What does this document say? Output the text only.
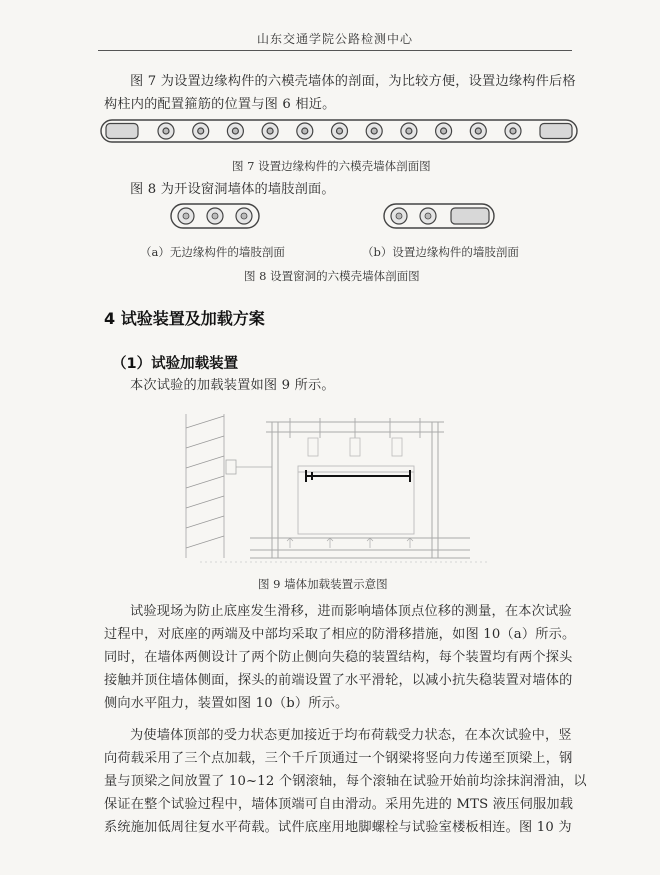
山东交通学院公路检测中心
图 7 为设置边缘构件的六模壳墙体的剖面，为比较方便，设置边缘构件后格
构柱内的配置箍筋的位置与图 6 相近。
图 7 设置边缘构件的六模壳墙体剖面图
图 8 为开设窗洞墙体的墙肢剖面。
（a）无边缘构件的墙肢剖面	（b）设置边缘构件的墙肢剖面
图 8 设置窗洞的六模壳墙体剖面图
4 试验装置及加载方案
（1）试验加载装置
本次试验的加载装置如图 9 所示。
图 9 墙体加载装置示意图
试验现场为防止底座发生滑移，进而影响墙体顶点位移的测量，在本次试验
过程中，对底座的两端及中部均采取了相应的防滑移措施，如图 10（a）所示。
同时，在墙体两侧设计了两个防止侧向失稳的装置结构，每个装置均有两个探头
接触并顶住墙体侧面，探头的前端设置了水平滑轮，以减小抗失稳装置对墙体的
侧向水平阻力，装置如图 10（b）所示。
为使墙体顶部的受力状态更加接近于均布荷载受力状态，在本次试验中，竖
向荷载采用了三个点加载，三个千斤顶通过一个钢梁将竖向力传递至顶梁上，钢
量与顶梁之间放置了 10~12 个钢滚轴，每个滚轴在试验开始前均涂抹润滑油，以
保证在整个试验过程中，墙体顶端可自由滑动。采用先进的 MTS 液压伺服加载
系统施加低周往复水平荷载。试件底座用地脚螺栓与试验室楼板相连。图 10 为
